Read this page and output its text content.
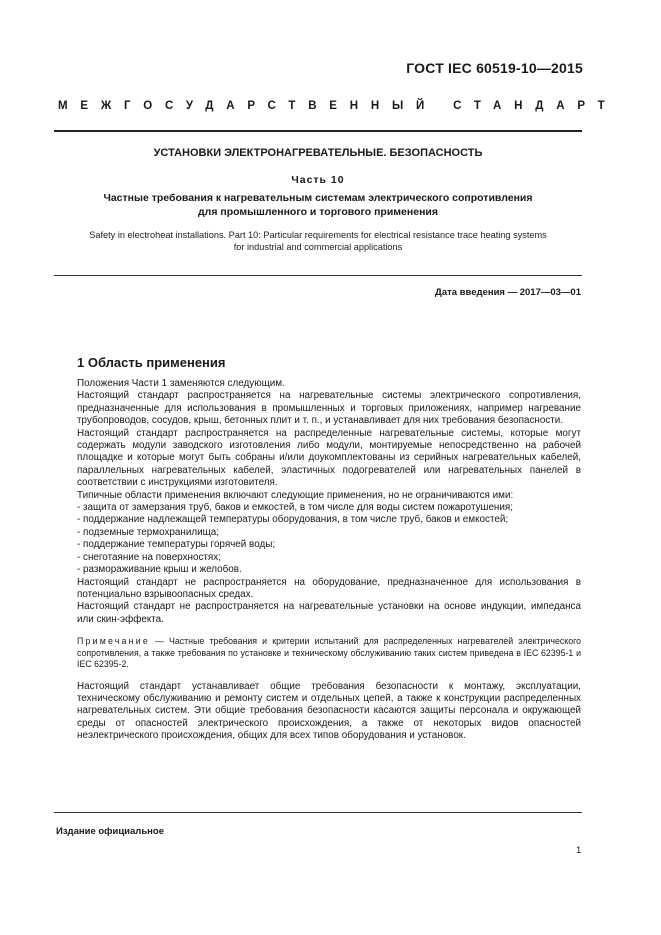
ГОСТ IEC 60519-10—2015
МЕЖГОСУДАРСТВЕННЫЙ СТАНДАРТ
УСТАНОВКИ ЭЛЕКТРОНАГРЕВАТЕЛЬНЫЕ. БЕЗОПАСНОСТЬ
Часть 10
Частные требования к нагревательным системам электрического сопротивления
для промышленного и торгового применения
Safety in electroheat installations. Part 10: Particular requirements for electrical resistance trace heating systems
for industrial and commercial applications
Дата введения — 2017—03—01
1 Область применения

Положения Части 1 заменяются следующим.

Настоящий стандарт распространяется на нагревательные системы электрического сопротивления, предназначенные для использования в промышленных и торговых приложениях, например нагревание трубопроводов, сосудов, крыш, бетонных плит и т. п., и устанавливает для них требования безопасности.

Настоящий стандарт распространяется на распределенные нагревательные системы, которые могут содержать модули заводского изготовления либо модули, монтируемые непосредственно на рабочей площадке и которые могут быть собраны и/или доукомплектованы из серийных нагревательных кабелей, параллельных нагревательных кабелей, эластичных подогревателей или нагревательных панелей в соответствии с инструкциями изготовителя.

Типичные области применения включают следующие применения, но не ограничиваются ими:

- защита от замерзания труб, баков и емкостей, в том числе для воды систем пожаротушения;

- поддержание надлежащей температуры оборудования, в том числе труб, баков и емкостей;

- подземные термохранилища;

- поддержание температуры горячей воды;

- снеготаяние на поверхностях;

- размораживание крыш и желобов.

Настоящий стандарт не распространяется на оборудование, предназначенное для использования в потенциально взрывоопасных средах.

Настоящий стандарт не распространяется на нагревательные установки на основе индукции, импеданса или скин-эффекта.

Примечание — Частные требования и критерии испытаний для распределенных нагревателей электрического сопротивления, а также требования по установке и техническому обслуживанию таких систем приведена в IEC 62395-1 и IEC 62395-2.

Настоящий стандарт устанавливает общие требования безопасности к монтажу, эксплуатации, техническому обслуживанию и ремонту систем и отдельных цепей, а также к конструкции распределенных нагревательных систем. Эти общие требования безопасности касаются защиты персонала и окружающей среды от опасностей электрического происхождения, а также от некоторых видов опасностей неэлектрического происхождения, общих для всех типов оборудования и установок.

Издание официальное
1
